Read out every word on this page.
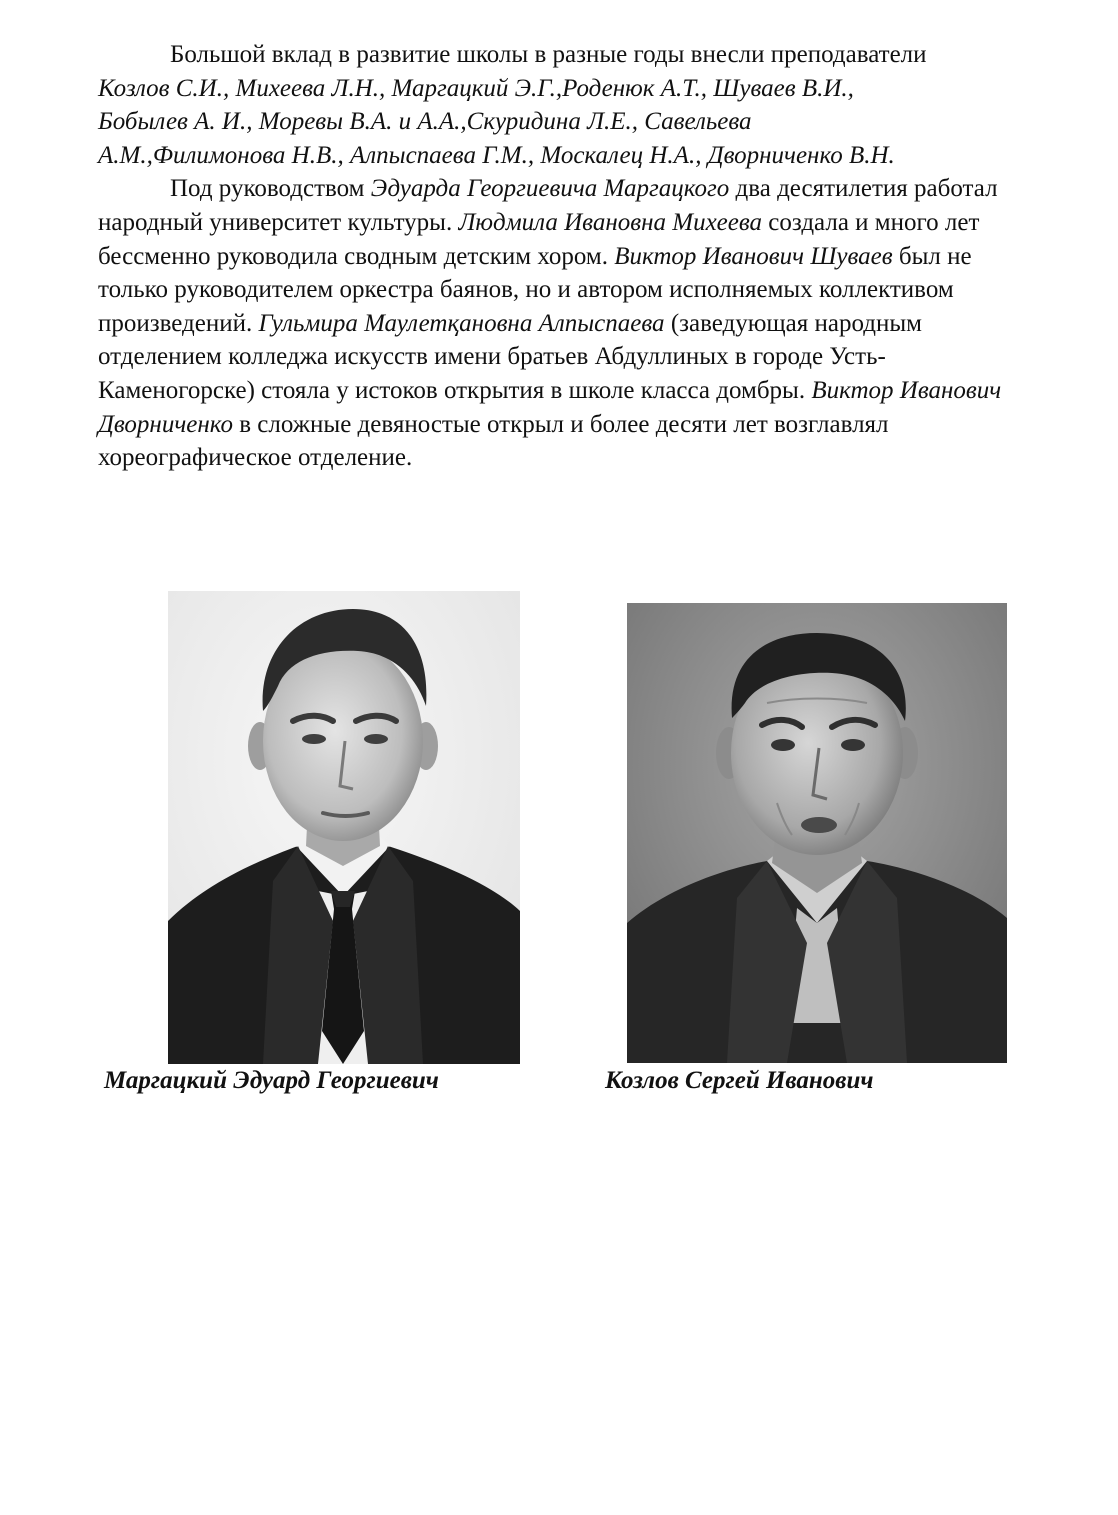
Большой вклад в развитие школы в разные годы внесли преподаватели
Козлов С.И., Михеева Л.Н., Маргацкий Э.Г.,Роденюк А.Т., Шуваев В.И.,
Бобылев А. И., Моревы В.А. и А.А.,Скуридина Л.Е., Савельева
А.М.,Филимонова Н.В., Алпыспаева Г.М., Москалец Н.А., Дворниченко В.Н.

Под руководством Эдуарда Георгиевича Маргацкого два десятилетия работал народный университет культуры. Людмила Ивановна Михеева создала и много лет бессменно руководила сводным детским хором. Виктор Иванович Шуваев был не только руководителем оркестра баянов, но и автором исполняемых коллективом произведений. Гульмира Маулетқановна Алпыспаева (заведующая народным отделением колледжа искусств имени братьев Абдуллиных в городе Усть-Каменогорске) стояла у истоков открытия в школе класса домбры. Виктор Иванович Дворниченко в сложные девяностые открыл и более десяти лет возглавлял хореографическое отделение.

Маргацкий Эдуард Георгиевич	Козлов Сергей Иванович
